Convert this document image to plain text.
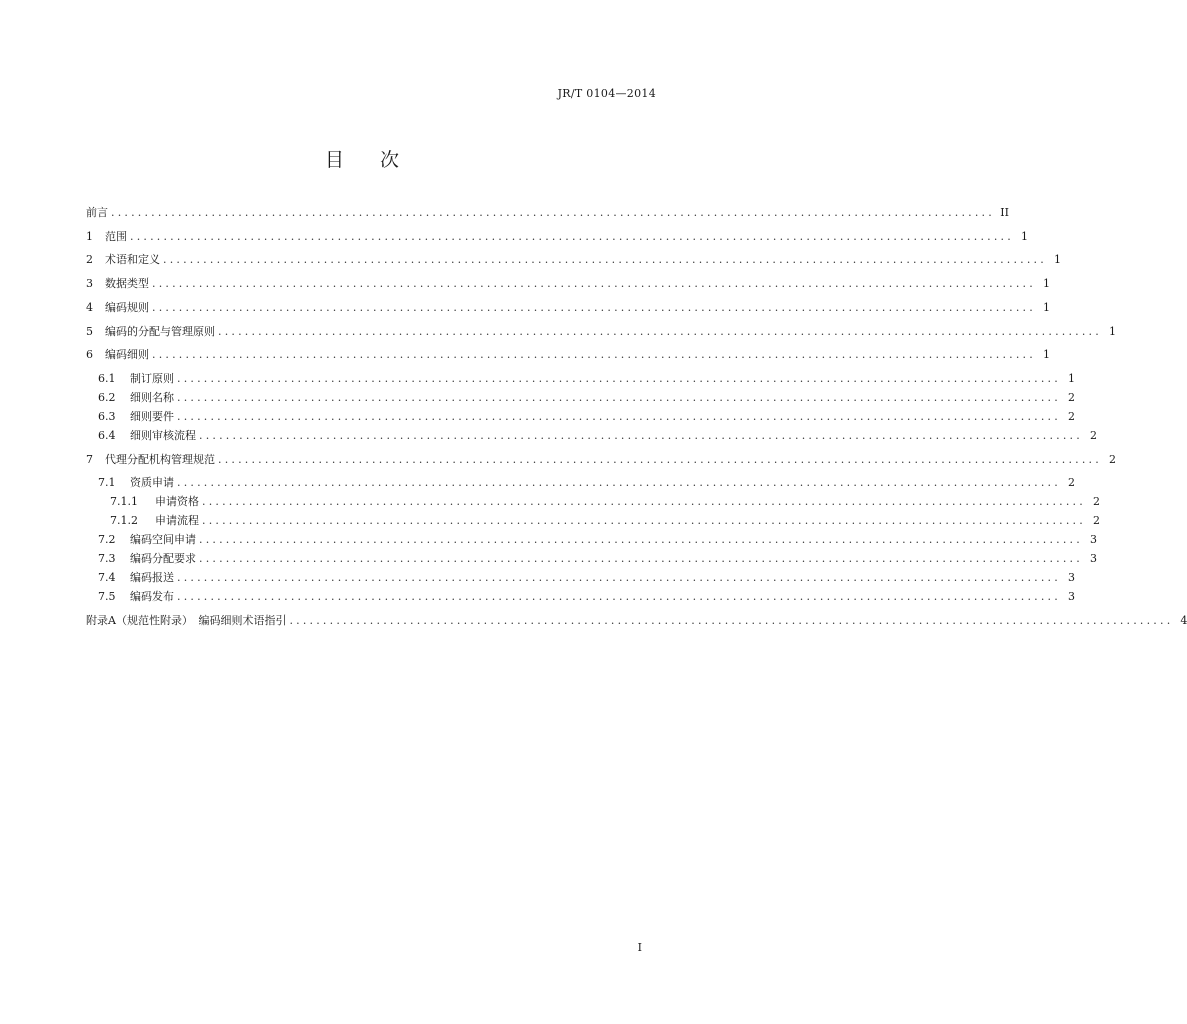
JR/T 0104—2014
目 次
前言 .................................................................................................................................... II
1	范围 .................................................................................................................................... 1
2	术语和定义 .................................................................................................................................... 1
3	数据类型 .................................................................................................................................... 1
4	编码规则 .................................................................................................................................... 1
5	编码的分配与管理原则 .................................................................................................................................... 1
6	编码细则 .................................................................................................................................... 1
6.1	制订原则 .................................................................................................................................... 1
6.2	细则名称 .................................................................................................................................... 2
6.3	细则要件 .................................................................................................................................... 2
6.4	细则审核流程 .................................................................................................................................... 2
7	代理分配机构管理规范 .................................................................................................................................... 2
7.1	资质申请 .................................................................................................................................... 2
7.1.1	申请资格 .................................................................................................................................... 2
7.1.2	申请流程 .................................................................................................................................... 2
7.2	编码空间申请 .................................................................................................................................... 3
7.3	编码分配要求 .................................................................................................................................... 3
7.4	编码报送 .................................................................................................................................... 3
7.5	编码发布 .................................................................................................................................... 3
附录A（规范性附录）　编码细则术语指引 .................................................................................................................................... 4
I
